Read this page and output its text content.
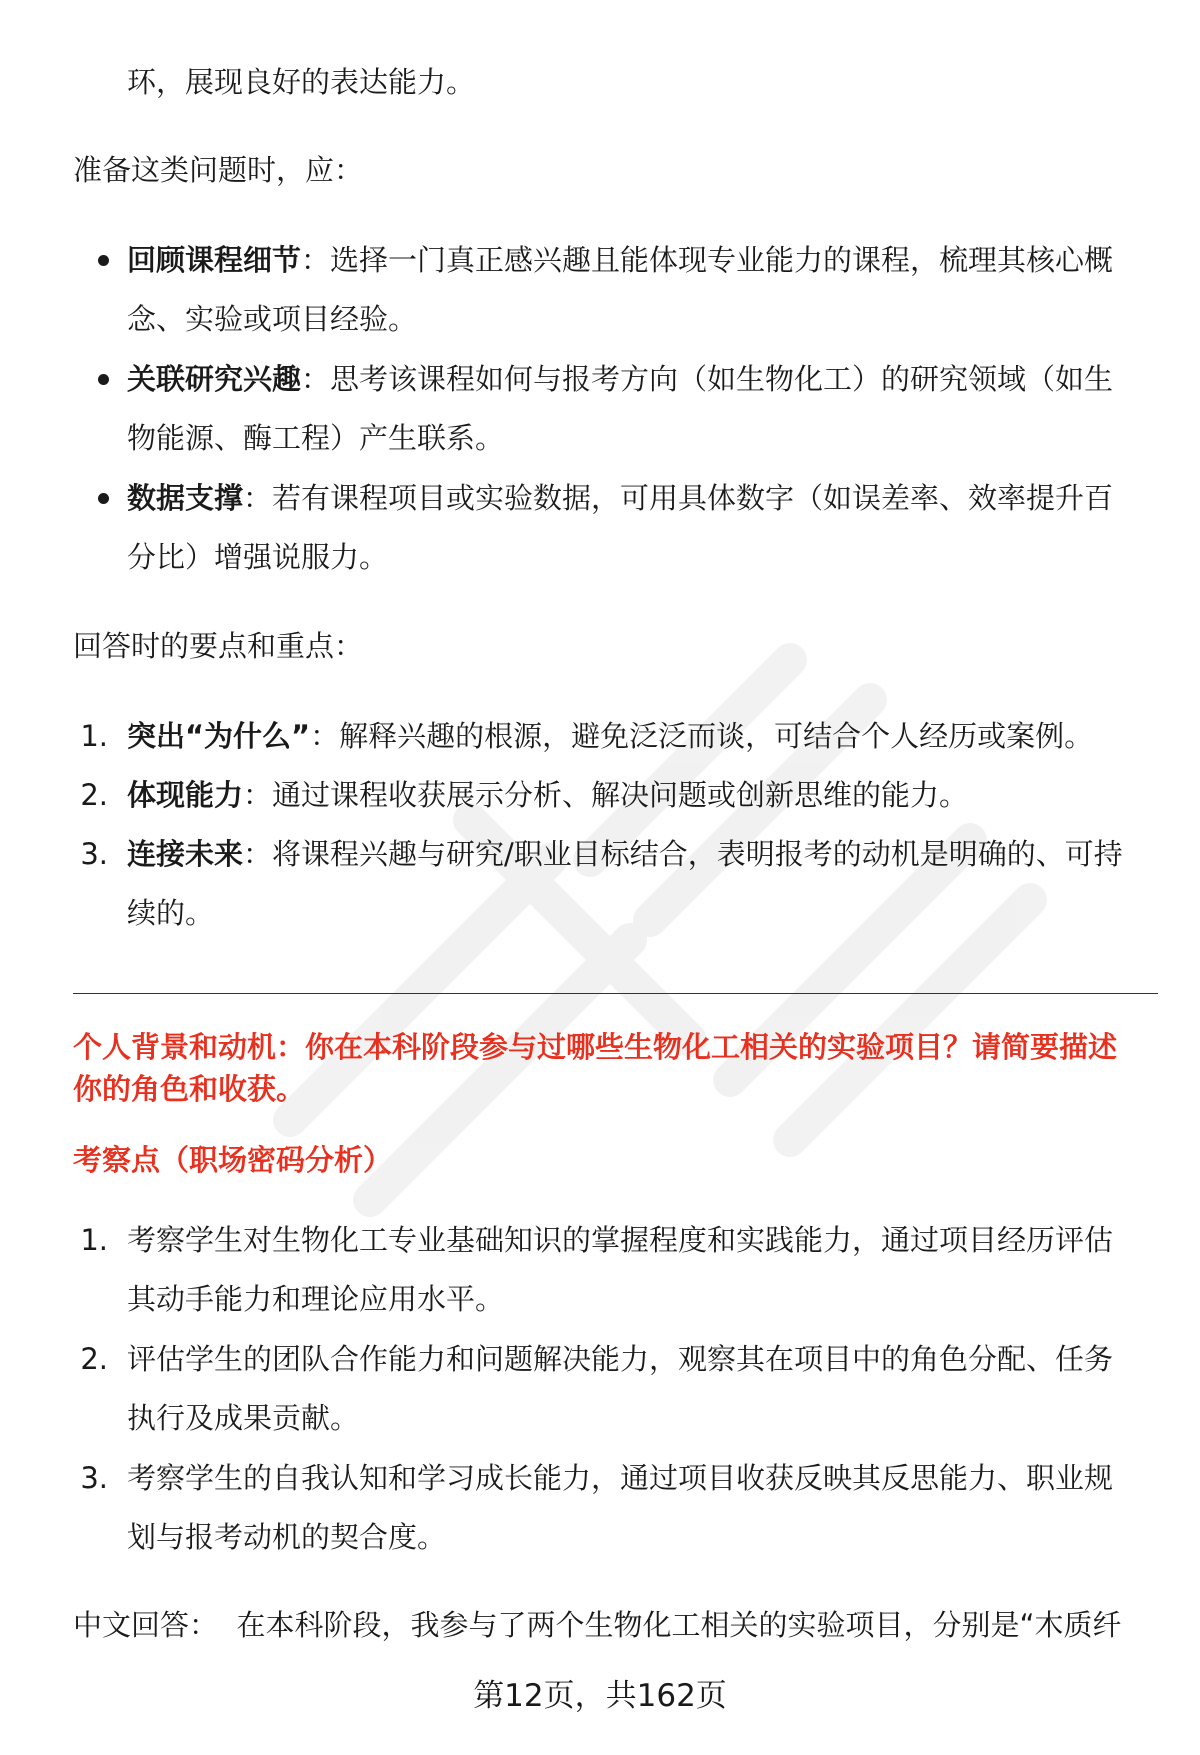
环，展现良好的表达能力。
准备这类问题时，应：
回顾课程细节：选择一门真正感兴趣且能体现专业能力的课程，梳理其核心概
念、实验或项目经验。
关联研究兴趣：思考该课程如何与报考方向（如生物化工）的研究领域（如生
物能源、酶工程）产生联系。
数据支撑：若有课程项目或实验数据，可用具体数字（如误差率、效率提升百
分比）增强说服力。
回答时的要点和重点：
1. 突出“为什么”：解释兴趣的根源，避免泛泛而谈，可结合个人经历或案例。
2. 体现能力：通过课程收获展示分析、解决问题或创新思维的能力。
3. 连接未来：将课程兴趣与研究/职业目标结合，表明报考的动机是明确的、可持
续的。
个人背景和动机：你在本科阶段参与过哪些生物化工相关的实验项目？请简要描述
你的角色和收获。
考察点（职场密码分析）
1. 考察学生对生物化工专业基础知识的掌握程度和实践能力，通过项目经历评估
其动手能力和理论应用水平。
2. 评估学生的团队合作能力和问题解决能力，观察其在项目中的角色分配、任务
执行及成果贡献。
3. 考察学生的自我认知和学习成长能力，通过项目收获反映其反思能力、职业规
划与报考动机的契合度。
中文回答： 在本科阶段，我参与了两个生物化工相关的实验项目，分别是“木质纤
第12页，共162页
